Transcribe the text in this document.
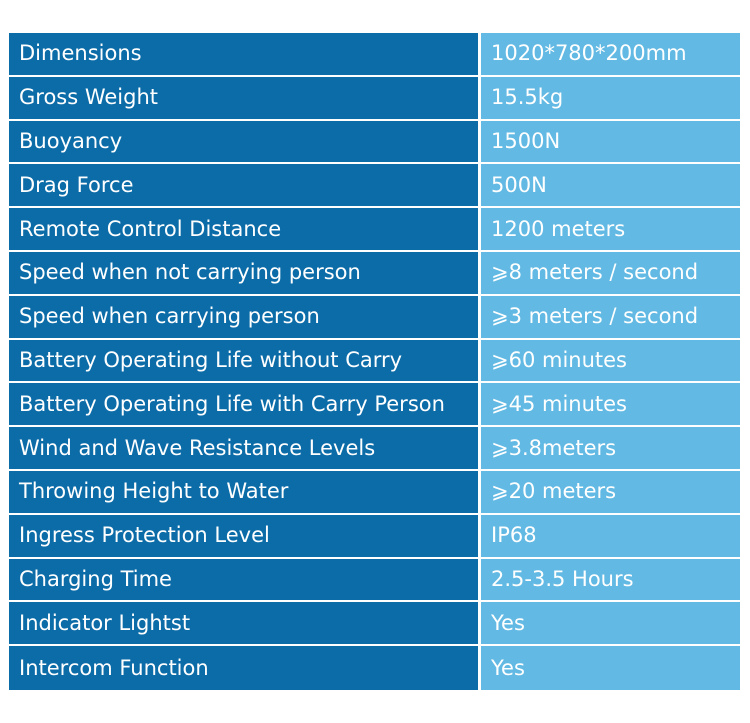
Dimensions	1020*780*200mm
Gross Weight	15.5kg
Buoyancy	1500N
Drag Force	500N
Remote Control Distance	1200 meters
Speed when not carrying person	⩾8 meters / second
Speed when carrying person	⩾3 meters / second
Battery Operating Life without Carry	⩾60 minutes
Battery Operating Life with Carry Person	⩾45 minutes
Wind and Wave Resistance Levels	⩾3.8meters
Throwing Height to Water	⩾20 meters
Ingress Protection Level	IP68
Charging Time	2.5-3.5 Hours
Indicator Lightst	Yes
Intercom Function	Yes
